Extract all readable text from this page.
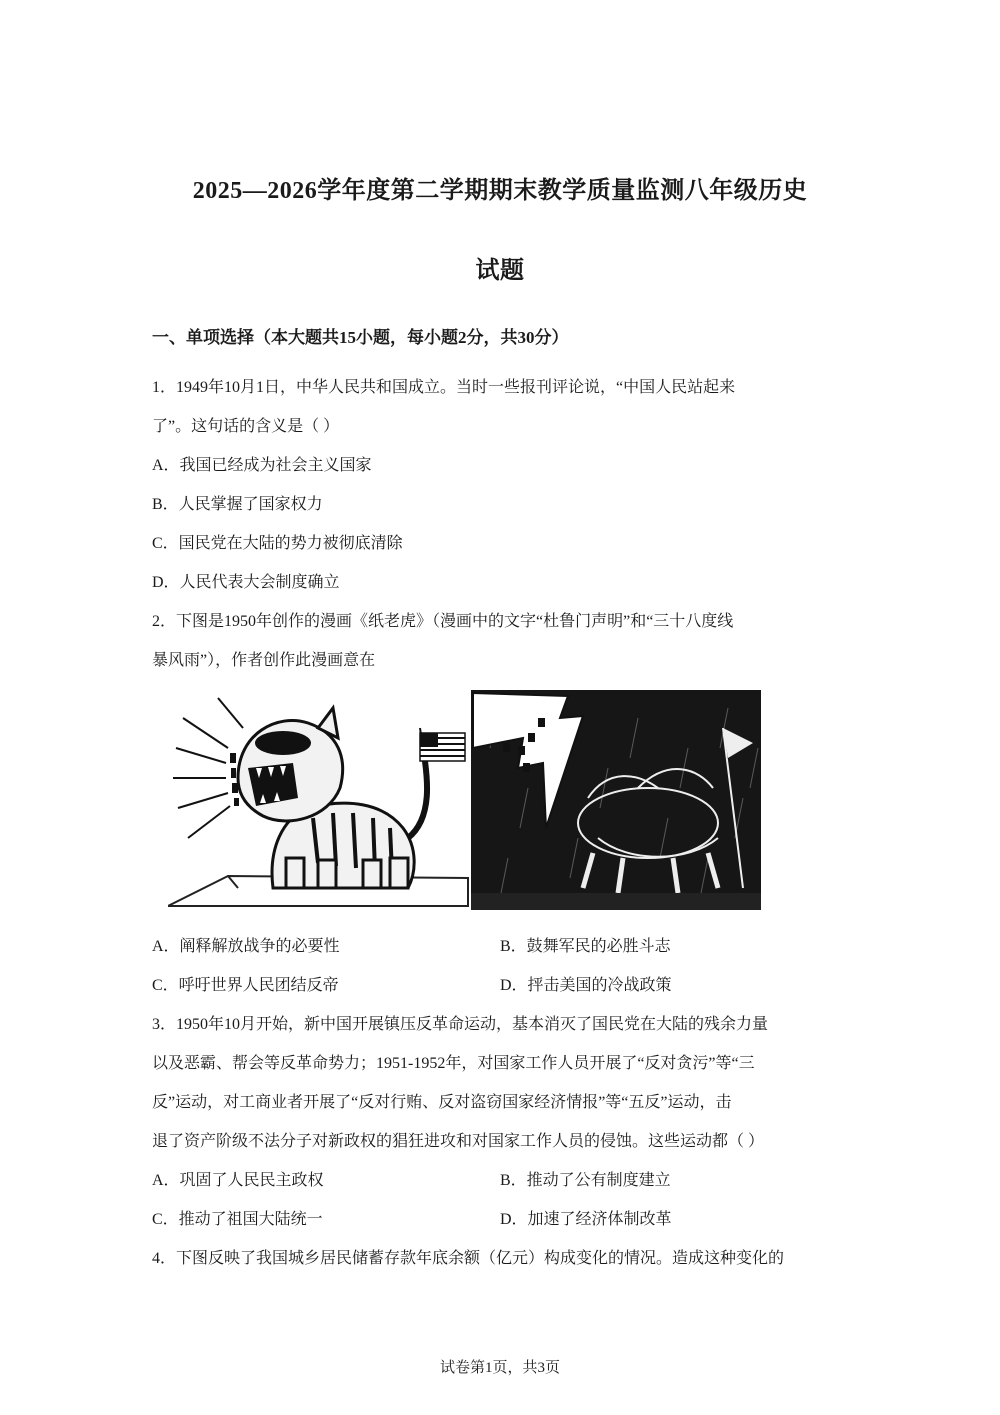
2025—2026学年度第二学期期末教学质量监测八年级历史
试题
一、单项选择（本大题共15小题，每小题2分，共30分）
1．1949年10月1日，中华人民共和国成立。当时一些报刊评论说，“中国人民站起来
了”。这句话的含义是（ ）
A．我国已经成为社会主义国家
B．人民掌握了国家权力
C．国民党在大陆的势力被彻底清除
D．人民代表大会制度确立
2．下图是1950年创作的漫画《纸老虎》（漫画中的文字“杜鲁门声明”和“三十八度线
暴风雨”），作者创作此漫画意在
A．阐释解放战争的必要性	B．鼓舞军民的必胜斗志
C．呼吁世界人民团结反帝	D．抨击美国的冷战政策
3．1950年10月开始，新中国开展镇压反革命运动，基本消灭了国民党在大陆的残余力量
以及恶霸、帮会等反革命势力；1951-1952年，对国家工作人员开展了“反对贪污”等“三
反”运动，对工商业者开展了“反对行贿、反对盗窃国家经济情报”等“五反”运动，击
退了资产阶级不法分子对新政权的猖狂进攻和对国家工作人员的侵蚀。这些运动都（ ）
A．巩固了人民民主政权	B．推动了公有制度建立
C．推动了祖国大陆统一	D．加速了经济体制改革
4．下图反映了我国城乡居民储蓄存款年底余额（亿元）构成变化的情况。造成这种变化的
试卷第1页，共3页
